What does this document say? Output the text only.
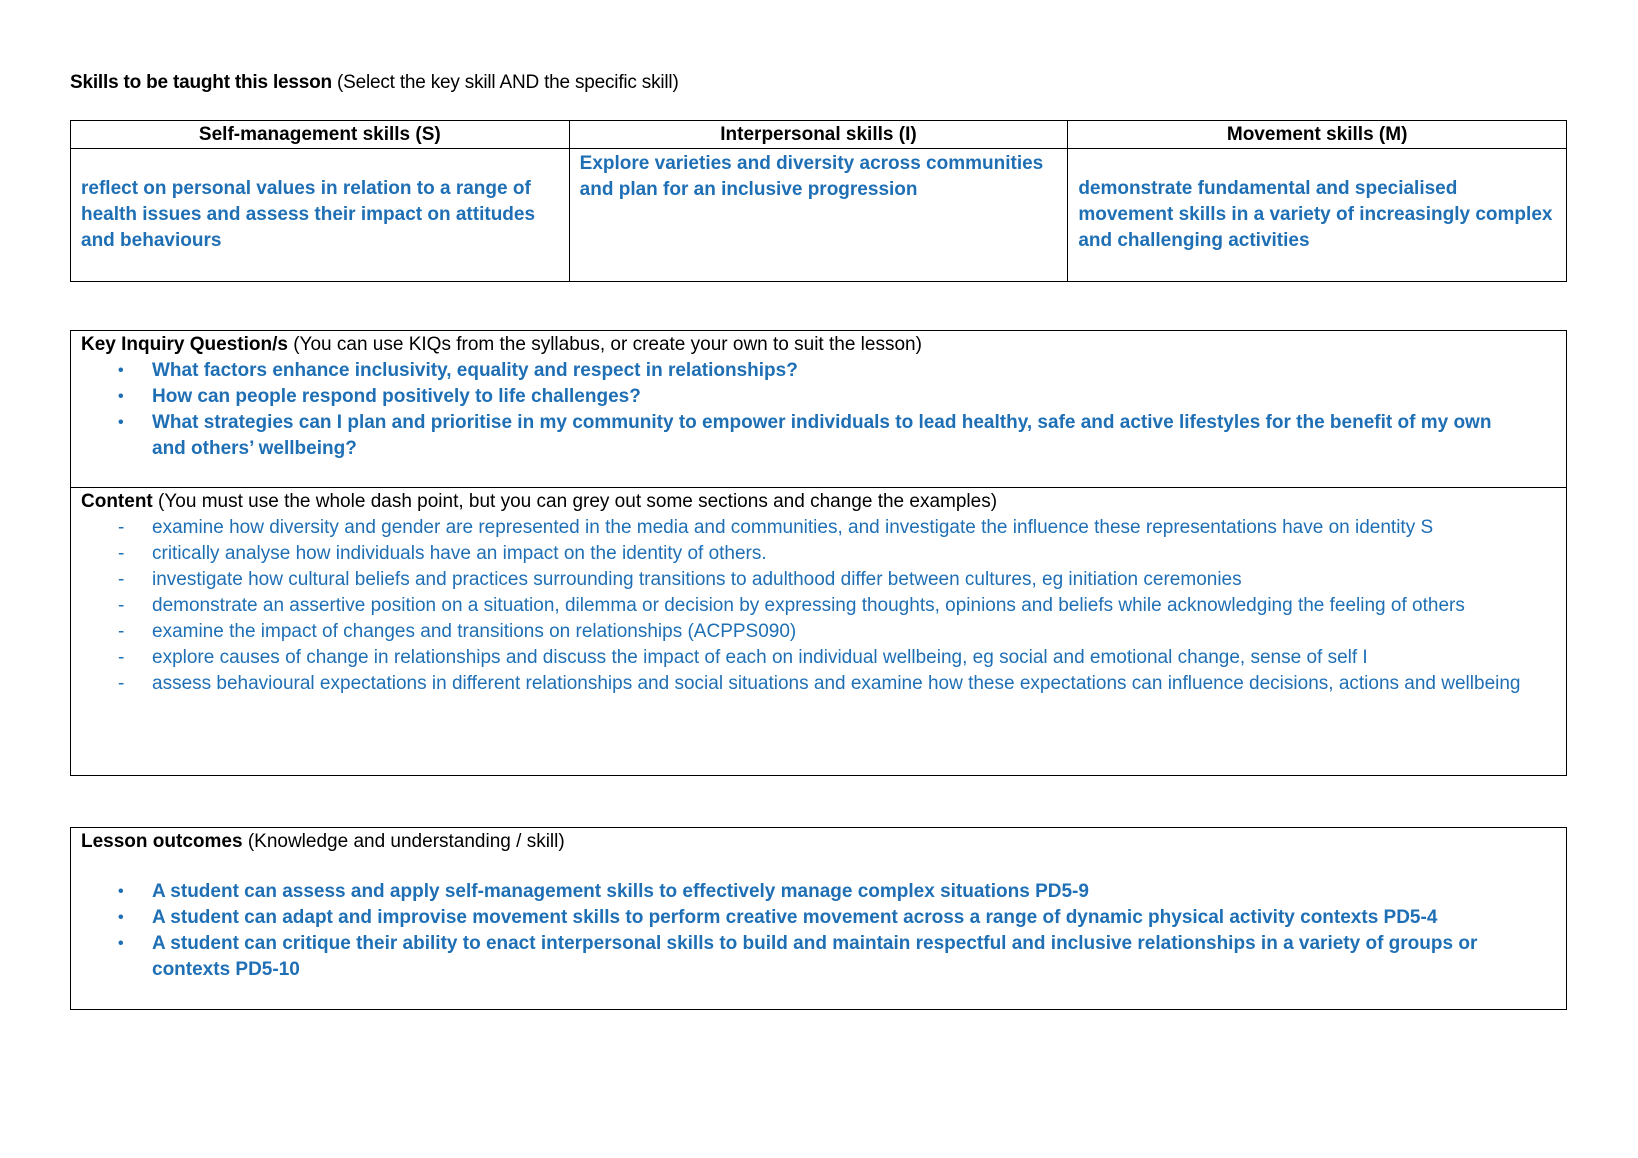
Skills to be taught this lesson (Select the key skill AND the specific skill)
Self-management skills (S)	Interpersonal skills (I)	Movement skills (M)
reflect on personal values in relation to a range of health issues and assess their impact on attitudes and behaviours	Explore varieties and diversity across communities and plan for an inclusive progression	demonstrate fundamental and specialised movement skills in a variety of increasingly complex and challenging activities
Key Inquiry Question/s (You can use KIQs from the syllabus, or create your own to suit the lesson)
• What factors enhance inclusivity, equality and respect in relationships?
• How can people respond positively to life challenges?
• What strategies can I plan and prioritise in my community to empower individuals to lead healthy, safe and active lifestyles for the benefit of my own and others’ wellbeing?
Content (You must use the whole dash point, but you can grey out some sections and change the examples)
- examine how diversity and gender are represented in the media and communities, and investigate the influence these representations have on identity S
- critically analyse how individuals have an impact on the identity of others.
- investigate how cultural beliefs and practices surrounding transitions to adulthood differ between cultures, eg initiation ceremonies
- demonstrate an assertive position on a situation, dilemma or decision by expressing thoughts, opinions and beliefs while acknowledging the feeling of others
- examine the impact of changes and transitions on relationships (ACPPS090)
- explore causes of change in relationships and discuss the impact of each on individual wellbeing, eg social and emotional change, sense of self I
- assess behavioural expectations in different relationships and social situations and examine how these expectations can influence decisions, actions and wellbeing
Lesson outcomes (Knowledge and understanding / skill)
• A student can assess and apply self-management skills to effectively manage complex situations PD5-9
• A student can adapt and improvise movement skills to perform creative movement across a range of dynamic physical activity contexts PD5-4
• A student can critique their ability to enact interpersonal skills to build and maintain respectful and inclusive relationships in a variety of groups or contexts PD5-10
